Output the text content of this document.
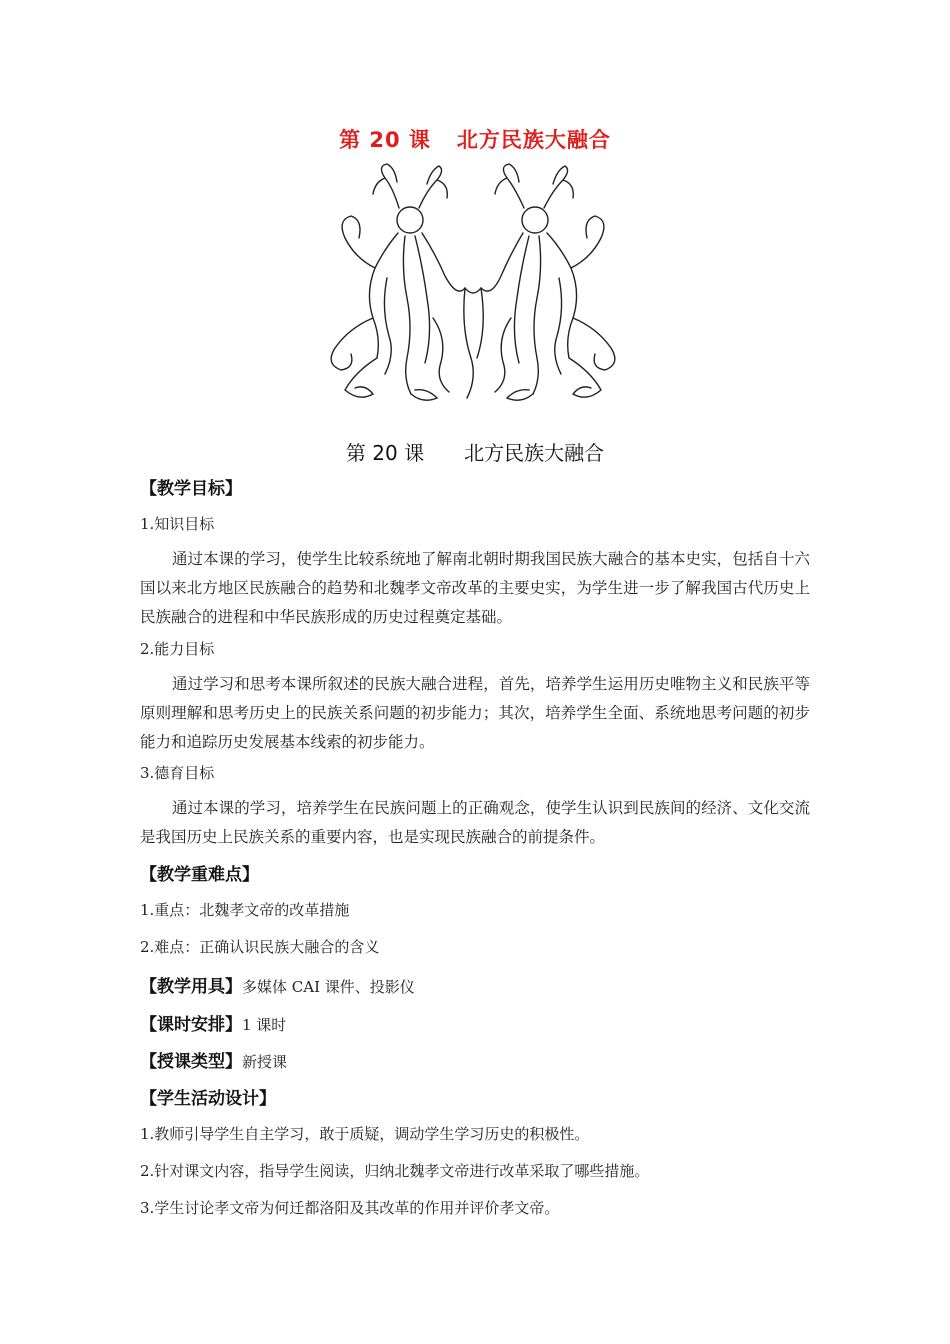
第 20 课 北方民族大融合
第 20 课 北方民族大融合
【教学目标】
1.知识目标
通过本课的学习，使学生比较系统地了解南北朝时期我国民族大融合的基本史实，包括自十六国以来北方地区民族融合的趋势和北魏孝文帝改革的主要史实，为学生进一步了解我国古代历史上民族融合的进程和中华民族形成的历史过程奠定基础。
2.能力目标
通过学习和思考本课所叙述的民族大融合进程，首先，培养学生运用历史唯物主义和民族平等原则理解和思考历史上的民族关系问题的初步能力；其次，培养学生全面、系统地思考问题的初步能力和追踪历史发展基本线索的初步能力。
3.德育目标
通过本课的学习，培养学生在民族问题上的正确观念，使学生认识到民族间的经济、文化交流是我国历史上民族关系的重要内容，也是实现民族融合的前提条件。
【教学重难点】
1.重点：北魏孝文帝的改革措施
2.难点：正确认识民族大融合的含义
【教学用具】多媒体 CAI 课件、投影仪
【课时安排】1 课时
【授课类型】新授课
【学生活动设计】
1.教师引导学生自主学习，敢于质疑，调动学生学习历史的积极性。
2.针对课文内容，指导学生阅读，归纳北魏孝文帝进行改革采取了哪些措施。
3.学生讨论孝文帝为何迁都洛阳及其改革的作用并评价孝文帝。
